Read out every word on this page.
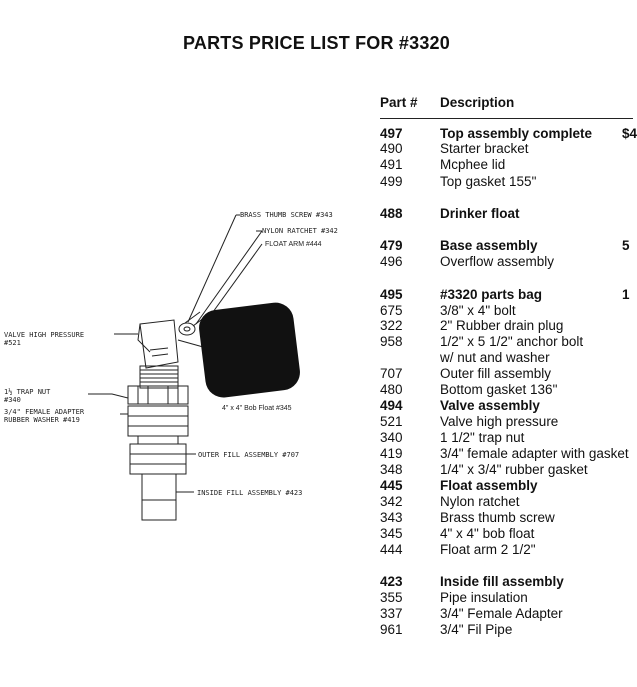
PARTS PRICE LIST FOR #3320
Part # Description
497	Top assembly complete $4
490	Starter bracket
491	Mcphee lid
499	Top gasket 155"
488	Drinker float
479	Base assembly	5
496	Overflow assembly
495	#3320 parts bag	1
675	3/8" x 4" bolt
322	2" Rubber drain plug
958	1/2" x 5 1/2" anchor bolt
w/ nut and washer
707	Outer fill assembly
480	Bottom gasket 136"
494	Valve assembly
521	Valve high pressure
340	1 1/2" trap nut
419	3/4" female adapter with gasket
348	1/4" x 3/4" rubber gasket
445	Float assembly
342	Nylon ratchet
343	Brass thumb screw
345	4" x 4" bob float
444	Float arm 2 1/2"
423	Inside fill assembly
355	Pipe insulation
337	3/4" Female Adapter
961	3/4" Fil Pipe
BRASS THUMB SCREW #343
NYLON RATCHET #342
FLOAT ARM #444
VALVE HIGH PRESSURE
#521
1½ TRAP NUT
#340
3/4" FEMALE ADAPTER
RUBBER WASHER #419
4" x 4" Bob Float #345
OUTER FILL ASSEMBLY #707
INSIDE FILL ASSEMBLY #423
